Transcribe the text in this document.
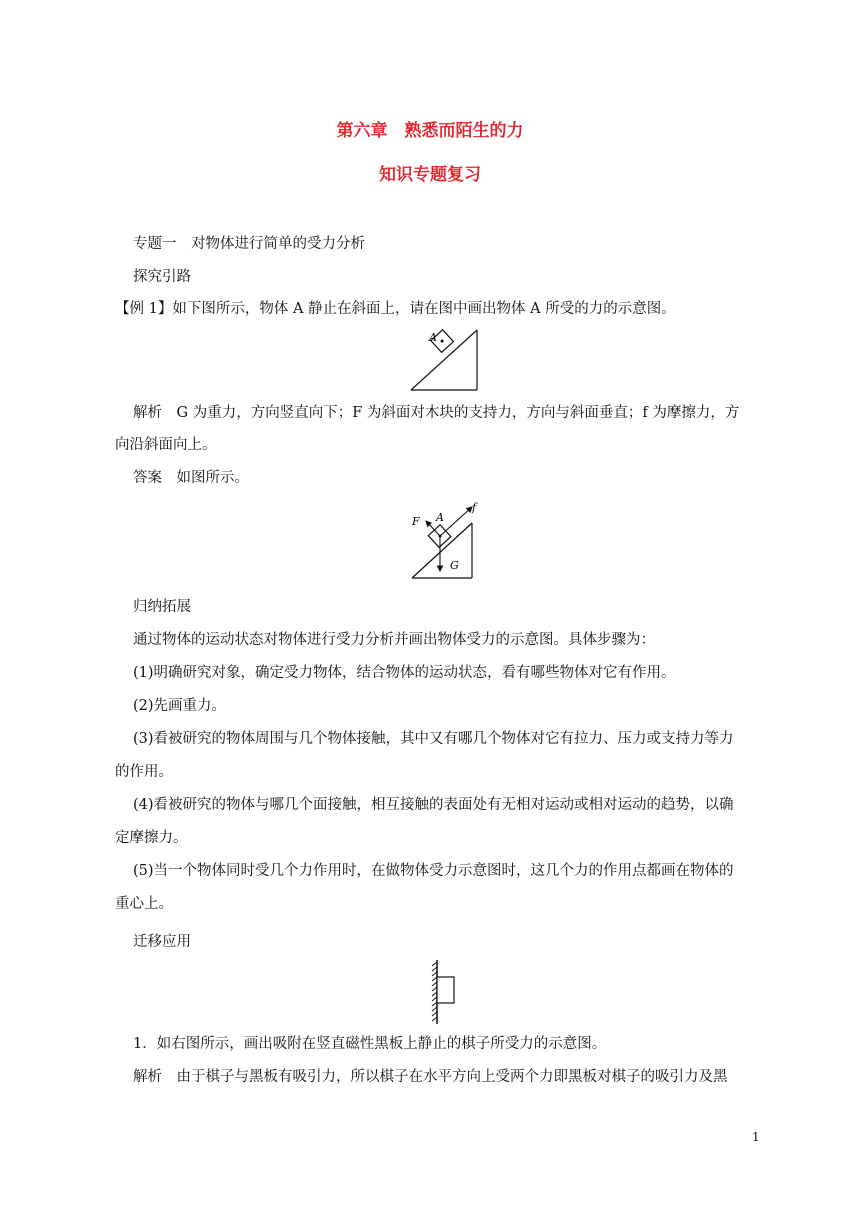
第六章　熟悉而陌生的力
知识专题复习
专题一　对物体进行简单的受力分析
探究引路
【例 1】如下图所示，物体 A 静止在斜面上，请在图中画出物体 A 所受的力的示意图。
A
解析　G 为重力，方向竖直向下；F 为斜面对木块的支持力，方向与斜面垂直；f 为摩擦力，方
向沿斜面向上。
答案　如图所示。
F A
f
G
归纳拓展
通过物体的运动状态对物体进行受力分析并画出物体受力的示意图。具体步骤为：
(1)明确研究对象，确定受力物体，结合物体的运动状态，看有哪些物体对它有作用。
(2)先画重力。
(3)看被研究的物体周围与几个物体接触，其中又有哪几个物体对它有拉力、压力或支持力等力
的作用。
(4)看被研究的物体与哪几个面接触，相互接触的表面处有无相对运动或相对运动的趋势，以确
定摩擦力。
(5)当一个物体同时受几个力作用时，在做物体受力示意图时，这几个力的作用点都画在物体的
重心上。
迁移应用
1．如右图所示，画出吸附在竖直磁性黑板上静止的棋子所受力的示意图。
解析　由于棋子与黑板有吸引力，所以棋子在水平方向上受两个力即黑板对棋子的吸引力及黑
1
